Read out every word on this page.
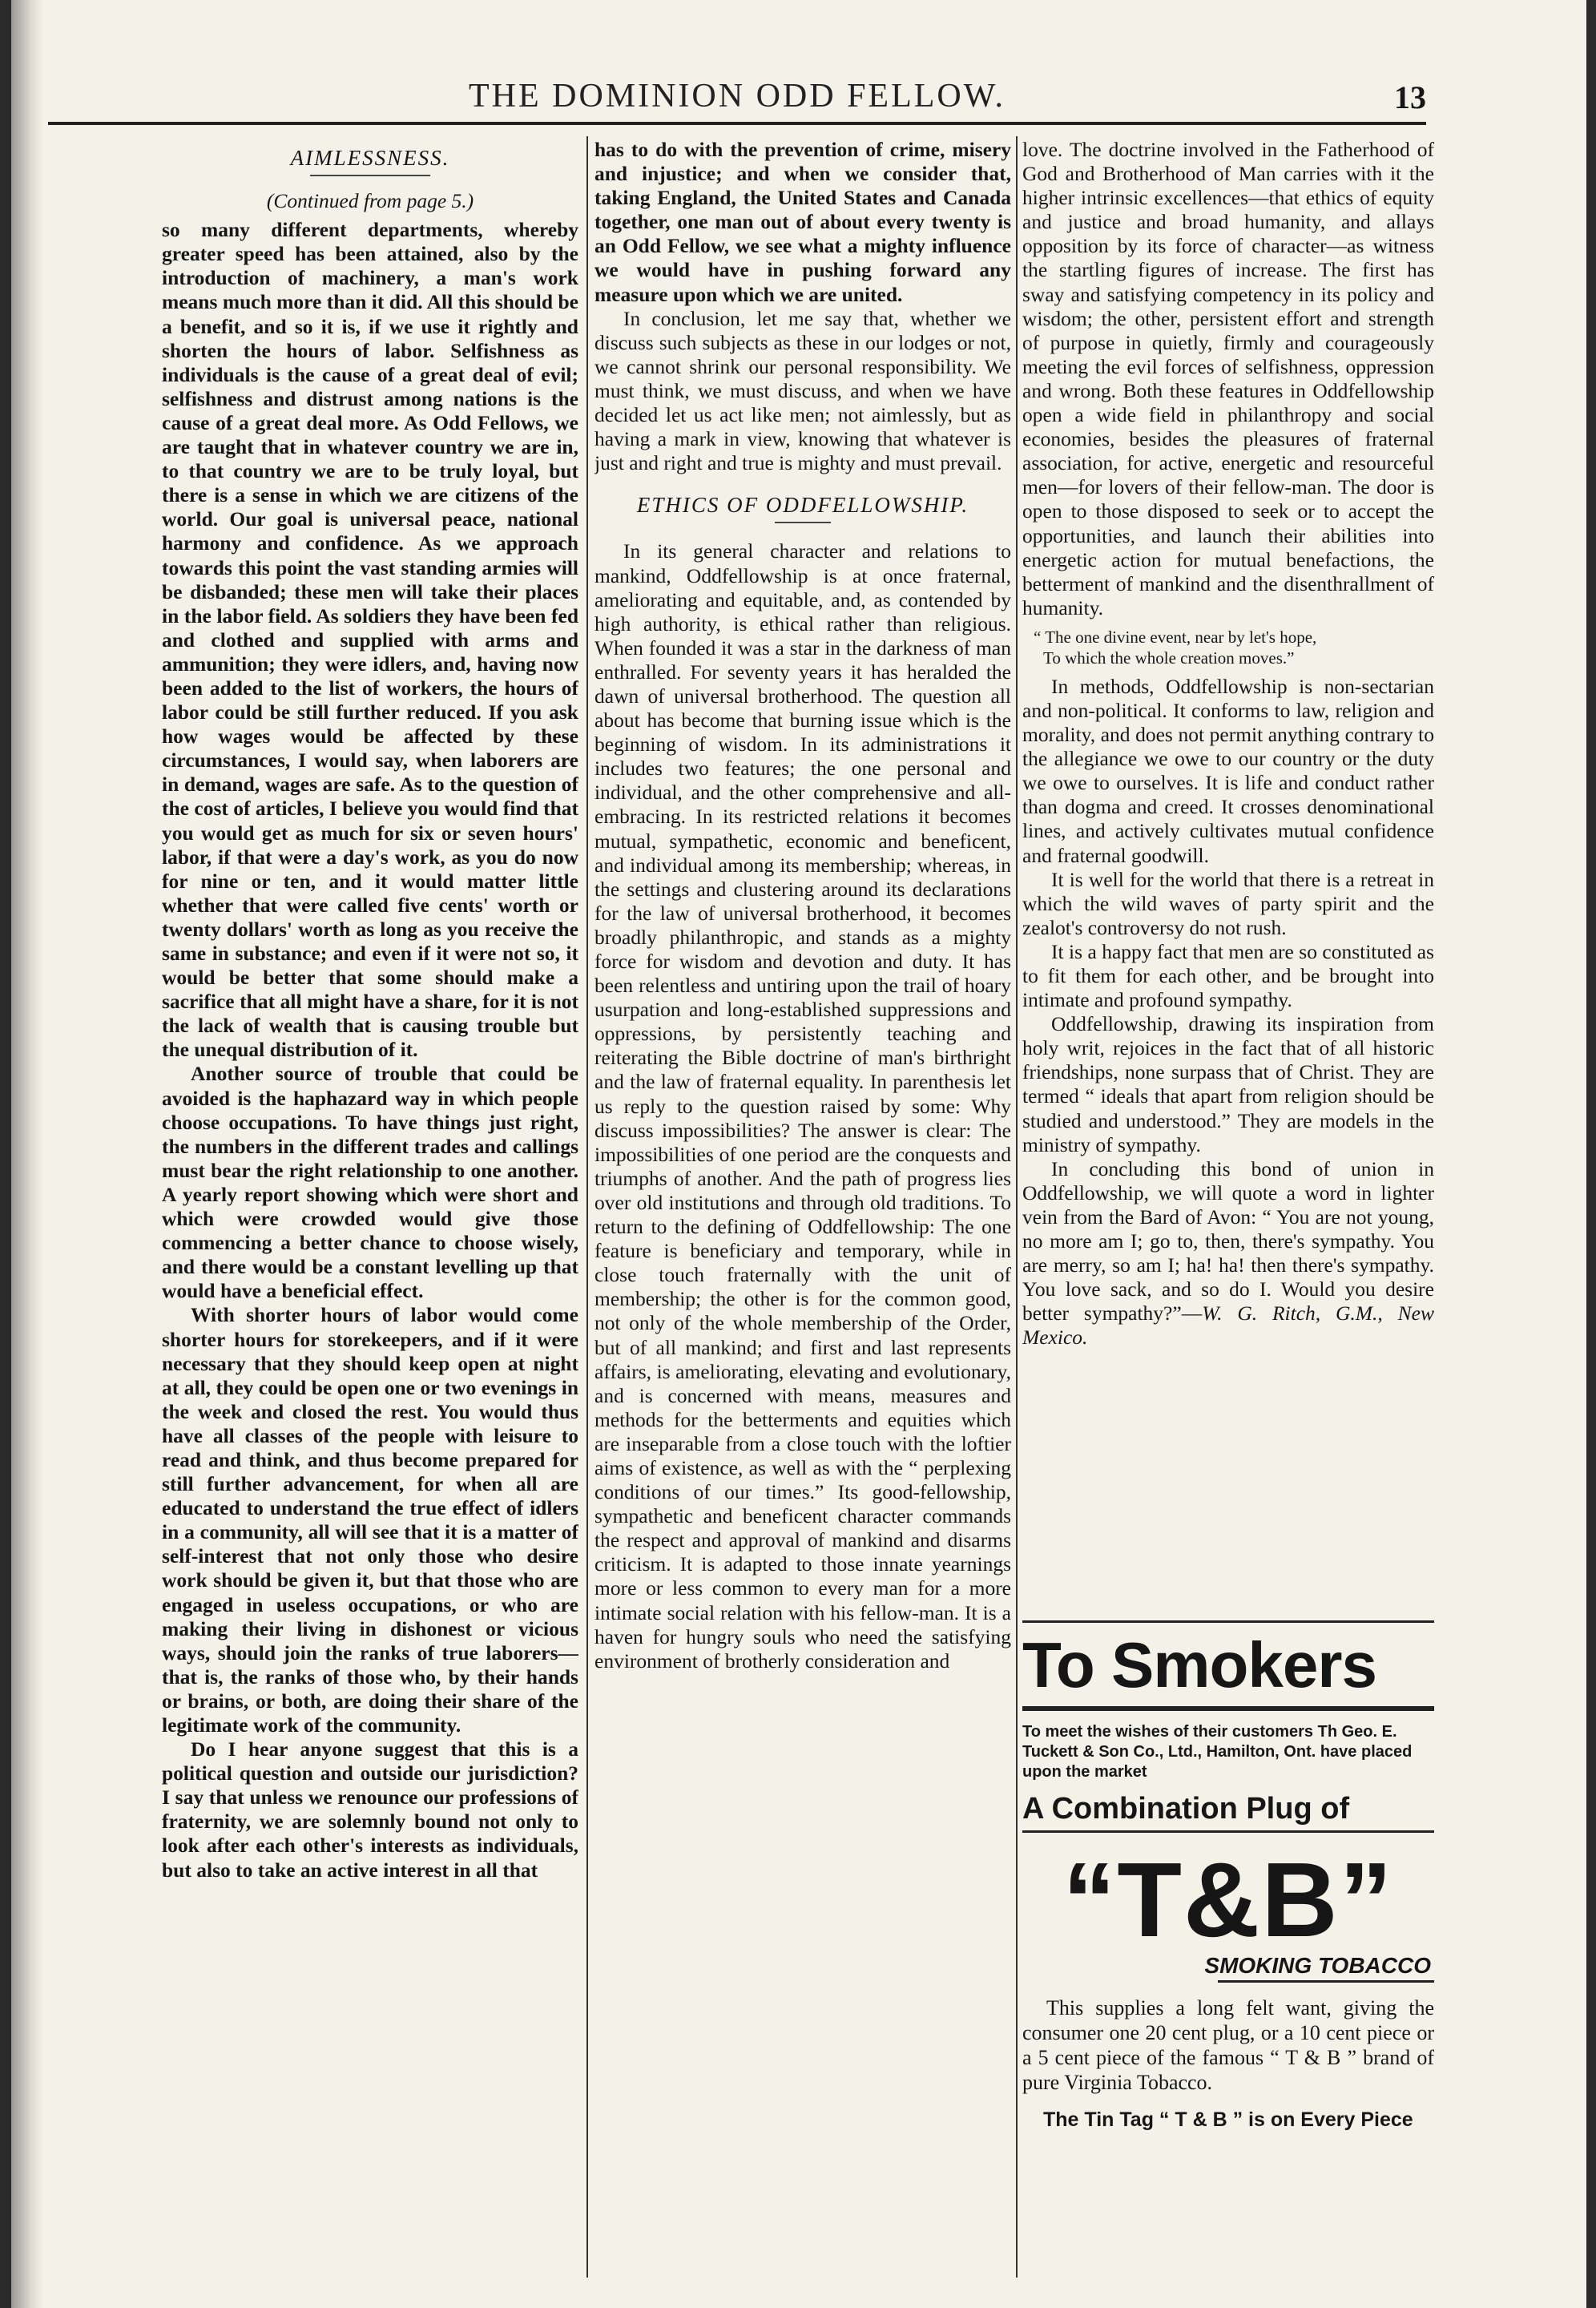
THE DOMINION ODD FELLOW.	13
AIMLESSNESS.
(Continued from page 5.)

so many different departments, whereby greater speed has been attained, also by the introduction of machinery, a man's work means much more than it did. All this should be a benefit, and so it is, if we use it rightly and shorten the hours of labor. Selfishness as individuals is the cause of a great deal of evil; selfishness and distrust among nations is the cause of a great deal more. As Odd Fellows, we are taught that in whatever country we are in, to that country we are to be truly loyal, but there is a sense in which we are citizens of the world. Our goal is universal peace, national harmony and confidence. As we approach towards this point the vast standing armies will be disbanded; these men will take their places in the labor field. As soldiers they have been fed and clothed and supplied with arms and ammunition; they were idlers, and, having now been added to the list of workers, the hours of labor could be still further reduced. If you ask how wages would be affected by these circumstances, I would say, when laborers are in demand, wages are safe. As to the question of the cost of articles, I believe you would find that you would get as much for six or seven hours' labor, if that were a day's work, as you do now for nine or ten, and it would matter little whether that were called five cents' worth or twenty dollars' worth as long as you receive the same in substance; and even if it were not so, it would be better that some should make a sacrifice that all might have a share, for it is not the lack of wealth that is causing trouble but the unequal distribution of it.

Another source of trouble that could be avoided is the haphazard way in which people choose occupations. To have things just right, the numbers in the different trades and callings must bear the right relationship to one another. A yearly report showing which were short and which were crowded would give those commencing a better chance to choose wisely, and there would be a constant levelling up that would have a beneficial effect.

With shorter hours of labor would come shorter hours for storekeepers, and if it were necessary that they should keep open at night at all, they could be open one or two evenings in the week and closed the rest. You would thus have all classes of the people with leisure to read and think, and thus become prepared for still further advancement, for when all are educated to understand the true effect of idlers in a community, all will see that it is a matter of self-interest that not only those who desire work should be given it, but that those who are engaged in useless occupations, or who are making their living in dishonest or vicious ways, should join the ranks of true laborers—that is, the ranks of those who, by their hands or brains, or both, are doing their share of the legitimate work of the community.

Do I hear anyone suggest that this is a political question and outside our jurisdiction? I say that unless we renounce our professions of fraternity, we are solemnly bound not only to look after each other's interests as individuals, but also to take an active interest in all that

has to do with the prevention of crime, misery and injustice; and when we consider that, taking England, the United States and Canada together, one man out of about every twenty is an Odd Fellow, we see what a mighty influence we would have in pushing forward any measure upon which we are united.

In conclusion, let me say that, whether we discuss such subjects as these in our lodges or not, we cannot shrink our personal responsibility. We must think, we must discuss, and when we have decided let us act like men; not aimlessly, but as having a mark in view, knowing that whatever is just and right and true is mighty and must prevail.

ETHICS OF ODDFELLOWSHIP.

In its general character and relations to mankind, Oddfellowship is at once fraternal, ameliorating and equitable, and, as contended by high authority, is ethical rather than religious. When founded it was a star in the darkness of man enthralled. For seventy years it has heralded the dawn of universal brotherhood. The question all about has become that burning issue which is the beginning of wisdom. In its administrations it includes two features; the one personal and individual, and the other comprehensive and all-embracing. In its restricted relations it becomes mutual, sympathetic, economic and beneficent, and individual among its membership; whereas, in the settings and clustering around its declarations for the law of universal brotherhood, it becomes broadly philanthropic, and stands as a mighty force for wisdom and devotion and duty. It has been relentless and untiring upon the trail of hoary usurpation and long-established suppressions and oppressions, by persistently teaching and reiterating the Bible doctrine of man's birthright and the law of fraternal equality. In parenthesis let us reply to the question raised by some: Why discuss impossibilities? The answer is clear: The impossibilities of one period are the conquests and triumphs of another. And the path of progress lies over old institutions and through old traditions. To return to the defining of Oddfellowship: The one feature is beneficiary and temporary, while in close touch fraternally with the unit of membership; the other is for the common good, not only of the whole membership of the Order, but of all mankind; and first and last represents affairs, is ameliorating, elevating and evolutionary, and is concerned with means, measures and methods for the betterments and equities which are inseparable from a close touch with the loftier aims of existence, as well as with the “ perplexing conditions of our times.” Its good-fellowship, sympathetic and beneficent character commands the respect and approval of mankind and disarms criticism. It is adapted to those innate yearnings more or less common to every man for a more intimate social relation with his fellow-man. It is a haven for hungry souls who need the satisfying environment of brotherly consideration and

love. The doctrine involved in the Fatherhood of God and Brotherhood of Man carries with it the higher intrinsic excellences—that ethics of equity and justice and broad humanity, and allays opposition by its force of character—as witness the startling figures of increase. The first has sway and satisfying competency in its policy and wisdom; the other, persistent effort and strength of purpose in quietly, firmly and courageously meeting the evil forces of selfishness, oppression and wrong. Both these features in Oddfellowship open a wide field in philanthropy and social economies, besides the pleasures of fraternal association, for active, energetic and resourceful men—for lovers of their fellow-man. The door is open to those disposed to seek or to accept the opportunities, and launch their abilities into energetic action for mutual benefactions, the betterment of mankind and the disenthrallment of humanity.

“ The one divine event, near by let's hope,
To which the whole creation moves.”

In methods, Oddfellowship is non-sectarian and non-political. It conforms to law, religion and morality, and does not permit anything contrary to the allegiance we owe to our country or the duty we owe to ourselves. It is life and conduct rather than dogma and creed. It crosses denominational lines, and actively cultivates mutual confidence and fraternal goodwill.

It is well for the world that there is a retreat in which the wild waves of party spirit and the zealot's controversy do not rush.

It is a happy fact that men are so constituted as to fit them for each other, and be brought into intimate and profound sympathy.

Oddfellowship, drawing its inspiration from holy writ, rejoices in the fact that of all historic friendships, none surpass that of Christ. They are termed “ ideals that apart from religion should be studied and understood.” They are models in the ministry of sympathy.

In concluding this bond of union in Oddfellowship, we will quote a word in lighter vein from the Bard of Avon: “ You are not young, no more am I; go to, then, there's sympathy. You are merry, so am I; ha! ha! then there's sympathy. You love sack, and so do I. Would you desire better sympathy?”—W. G. Ritch, G.M., New Mexico.

To Smokers
To meet the wishes of their customers Th Geo. E. Tuckett & Son Co., Ltd., Hamilton, Ont. have placed upon the market
A Combination Plug of
“T&B”
SMOKING TOBACCO
This supplies a long felt want, giving the consumer one 20 cent plug, or a 10 cent piece or a 5 cent piece of the famous “ T & B ” brand of pure Virginia Tobacco.
The Tin Tag “ T & B ” is on Every Piece
